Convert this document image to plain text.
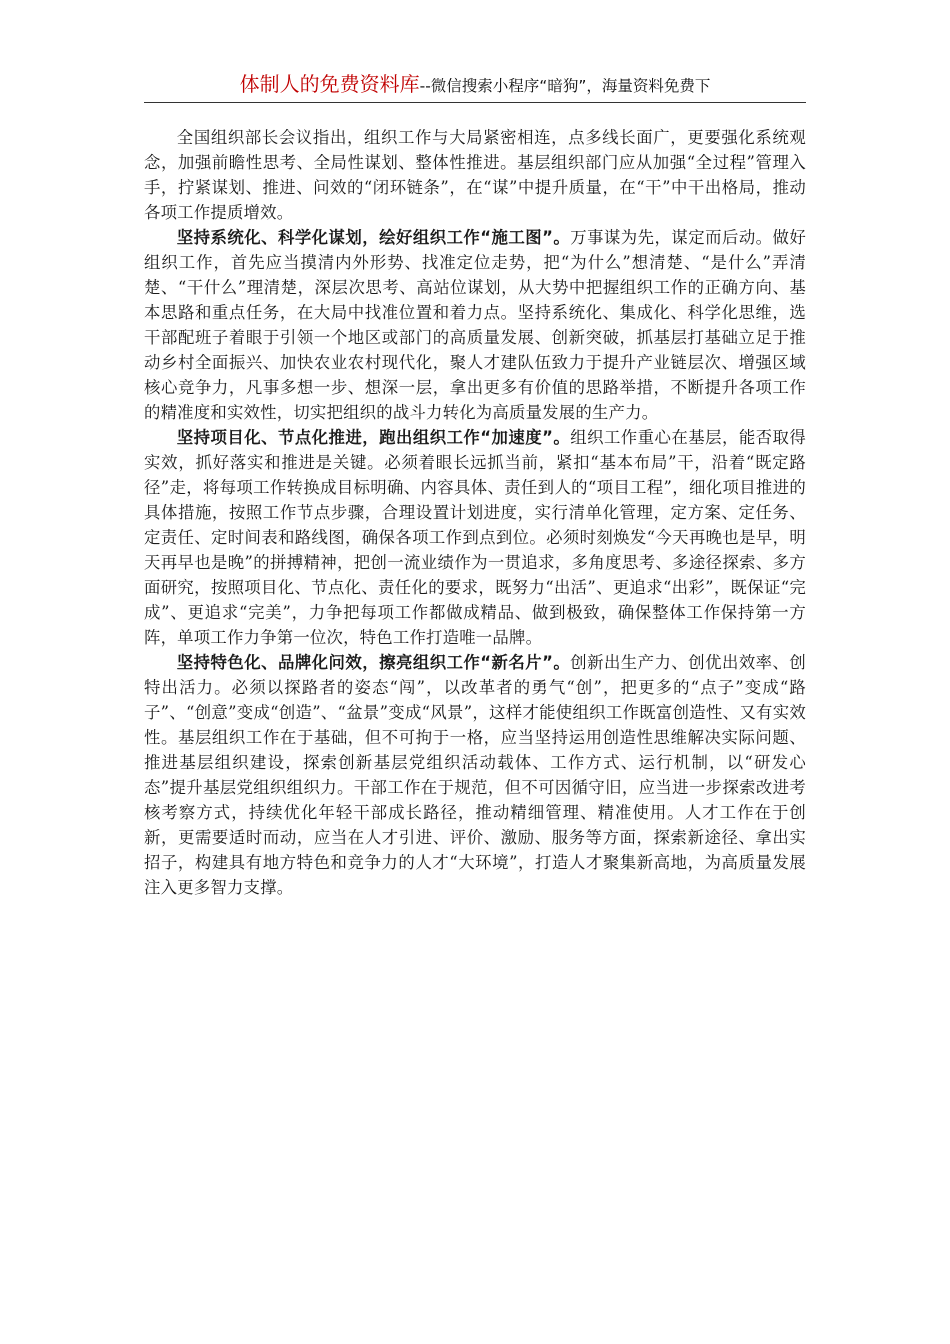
体制人的免费资料库--微信搜索小程序“暗狗”，海量资料免费下

全国组织部长会议指出，组织工作与大局紧密相连，点多线长面广，更要强化系统观念，加强前瞻性思考、全局性谋划、整体性推进。基层组织部门应从加强“全过程”管理入手，拧紧谋划、推进、问效的“闭环链条”，在“谋”中提升质量，在“干”中干出格局，推动各项工作提质增效。

坚持系统化、科学化谋划，绘好组织工作“施工图”。万事谋为先，谋定而后动。做好组织工作，首先应当摸清内外形势、找准定位走势，把“为什么”想清楚、“是什么”弄清楚、“干什么”理清楚，深层次思考、高站位谋划，从大势中把握组织工作的正确方向、基本思路和重点任务，在大局中找准位置和着力点。坚持系统化、集成化、科学化思维，选干部配班子着眼于引领一个地区或部门的高质量发展、创新突破，抓基层打基础立足于推动乡村全面振兴、加快农业农村现代化，聚人才建队伍致力于提升产业链层次、增强区域核心竞争力，凡事多想一步、想深一层，拿出更多有价值的思路举措，不断提升各项工作的精准度和实效性，切实把组织的战斗力转化为高质量发展的生产力。

坚持项目化、节点化推进，跑出组织工作“加速度”。组织工作重心在基层，能否取得实效，抓好落实和推进是关键。必须着眼长远抓当前，紧扣“基本布局”干，沿着“既定路径”走，将每项工作转换成目标明确、内容具体、责任到人的“项目工程”，细化项目推进的具体措施，按照工作节点步骤，合理设置计划进度，实行清单化管理，定方案、定任务、定责任、定时间表和路线图，确保各项工作到点到位。必须时刻焕发“今天再晚也是早，明天再早也是晚”的拼搏精神，把创一流业绩作为一贯追求，多角度思考、多途径探索、多方面研究，按照项目化、节点化、责任化的要求，既努力“出活”、更追求“出彩”，既保证“完成”、更追求“完美”，力争把每项工作都做成精品、做到极致，确保整体工作保持第一方阵，单项工作力争第一位次，特色工作打造唯一品牌。

坚持特色化、品牌化问效，擦亮组织工作“新名片”。创新出生产力、创优出效率、创特出活力。必须以探路者的姿态“闯”，以改革者的勇气“创”，把更多的“点子”变成“路子”、“创意”变成“创造”、“盆景”变成“风景”，这样才能使组织工作既富创造性、又有实效性。基层组织工作在于基础，但不可拘于一格，应当坚持运用创造性思维解决实际问题、推进基层组织建设，探索创新基层党组织活动载体、工作方式、运行机制，以“研发心态”提升基层党组织组织力。干部工作在于规范，但不可因循守旧，应当进一步探索改进考核考察方式，持续优化年轻干部成长路径，推动精细管理、精准使用。人才工作在于创新，更需要适时而动，应当在人才引进、评价、激励、服务等方面，探索新途径、拿出实招子，构建具有地方特色和竞争力的人才“大环境”，打造人才聚集新高地，为高质量发展注入更多智力支撑。
